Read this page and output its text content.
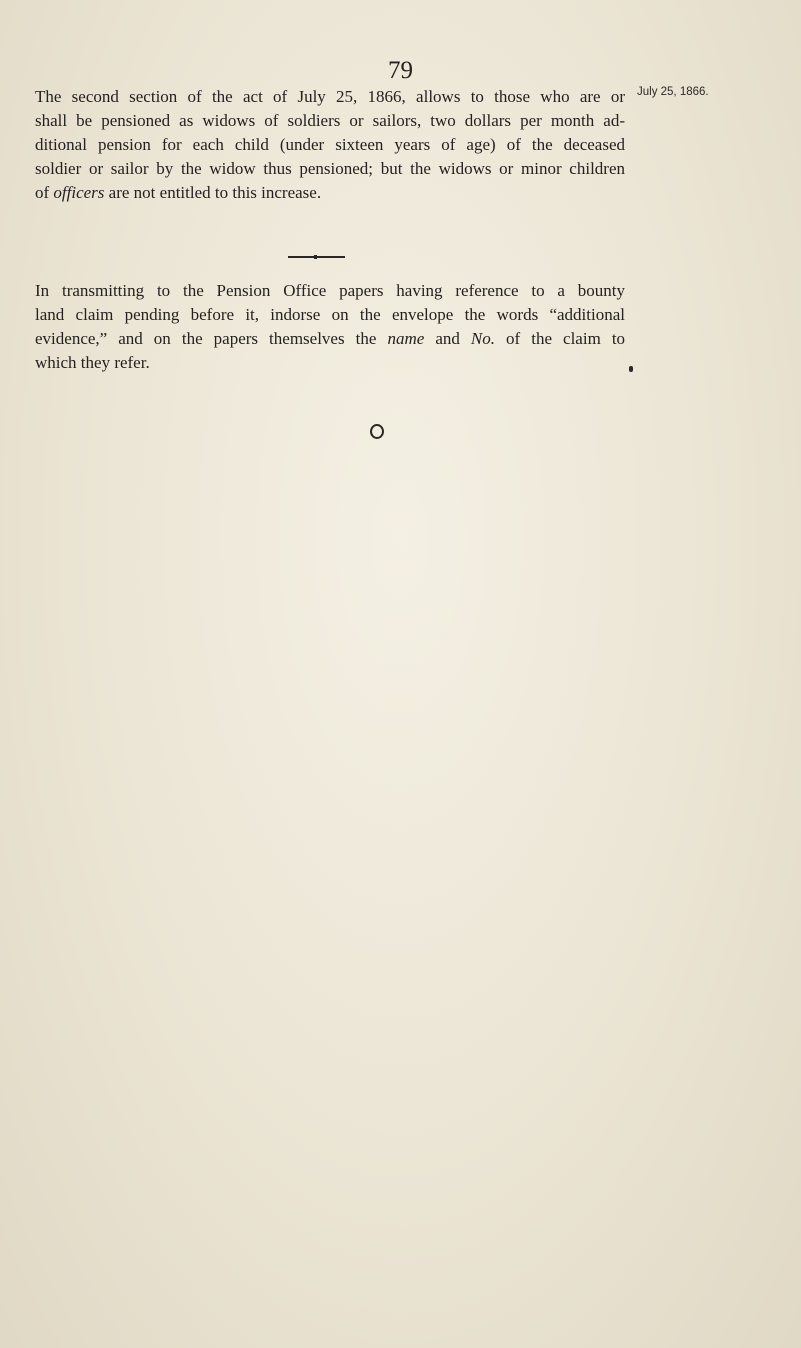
79
July 25, 1866.
The second section of the act of July 25, 1866, allows to those who are or
shall be pensioned as widows of soldiers or sailors, two dollars per month ad-
ditional pension for each child (under sixteen years of age) of the deceased
soldier or sailor by the widow thus pensioned; but the widows or minor children
of officers are not entitled to this increase.
In transmitting to the Pension Office papers having reference to a bounty
land claim pending before it, indorse on the envelope the words “additional
evidence,” and on the papers themselves the name and No. of the claim to
which they refer.
